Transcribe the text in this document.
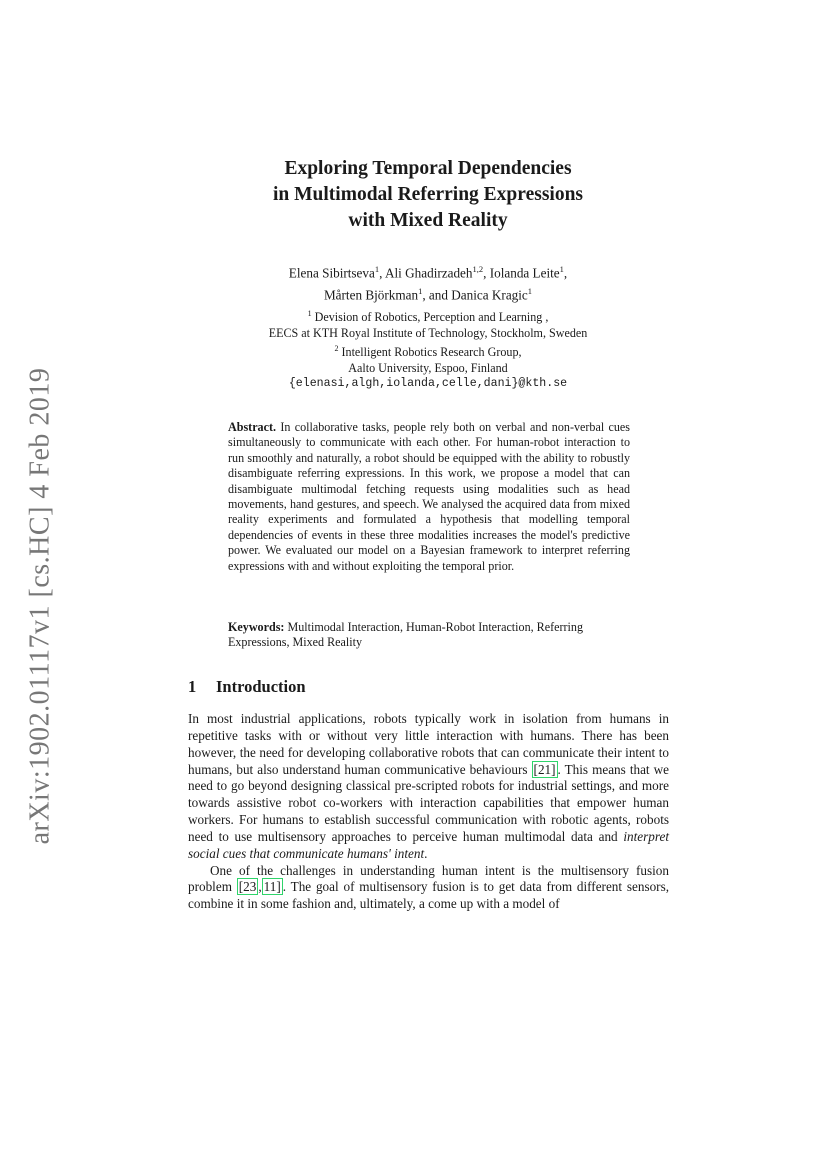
arXiv:1902.01117v1 [cs.HC] 4 Feb 2019
Exploring Temporal Dependencies
in Multimodal Referring Expressions
with Mixed Reality
Elena Sibirtseva$^1$, Ali Ghadirzadeh$^{1,2}$, Iolanda Leite$^1$,
Mårten Björkman$^1$, and Danica Kragic$^1$
$^1$ Devision of Robotics, Perception and Learning ,
EECS at KTH Royal Institute of Technology, Stockholm, Sweden
$^2$ Intelligent Robotics Research Group,
Aalto University, Espoo, Finland
{elenasi,algh,iolanda,celle,dani}@kth.se
Abstract. In collaborative tasks, people rely both on verbal and non-verbal cues simultaneously to communicate with each other. For human-robot interaction to run smoothly and naturally, a robot should be equipped with the ability to robustly disambiguate referring expressions. In this work, we propose a model that can disambiguate multimodal fetching requests using modalities such as head movements, hand gestures, and speech. We analysed the acquired data from mixed reality experiments and formulated a hypothesis that modelling temporal dependencies of events in these three modalities increases the model's predictive power. We evaluated our model on a Bayesian framework to interpret referring expressions with and without exploiting the temporal prior.
Keywords: Multimodal Interaction, Human-Robot Interaction, Referring Expressions, Mixed Reality
1 Introduction

In most industrial applications, robots typically work in isolation from humans in repetitive tasks with or without very little interaction with humans. There has been however, the need for developing collaborative robots that can communicate their intent to humans, but also understand human communicative behaviours [21] . This means that we need to go beyond designing classical pre-scripted robots for industrial settings, and more towards assistive robot co-workers with interaction capabilities that empower human workers. For humans to establish successful communication with robotic agents, robots need to use multisensory approaches to perceive human multimodal data and interpret social cues that communicate humans' intent.

One of the challenges in understanding human intent is the multisensory fusion problem [23 , 11] . The goal of multisensory fusion is to get data from different sensors, combine it in some fashion and, ultimately, a come up with a model of
